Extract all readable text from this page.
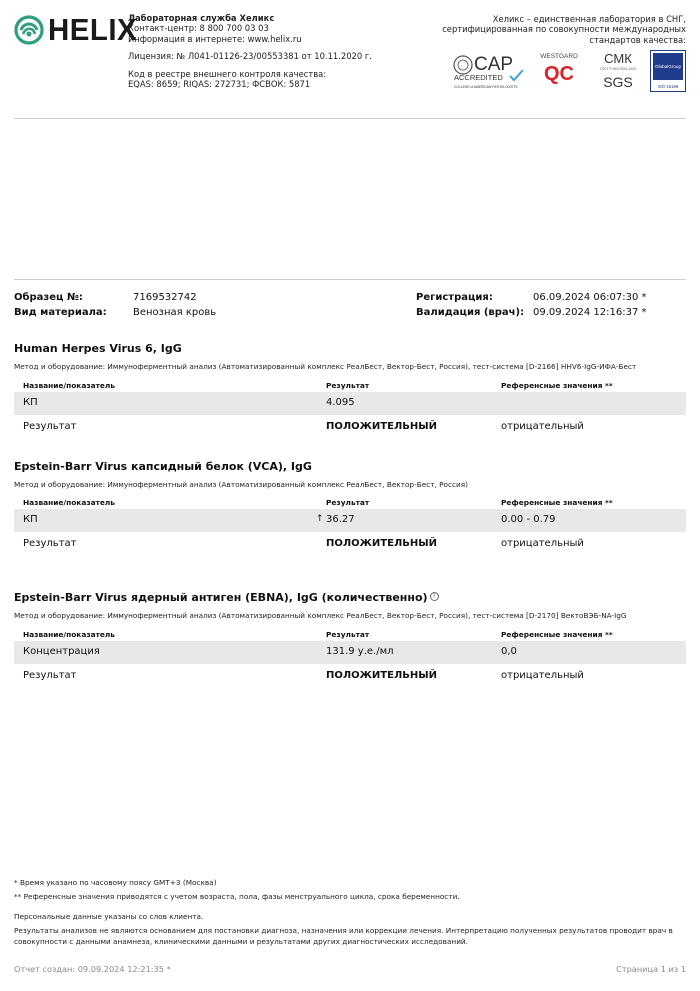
HELIX
Лабораторная служба Хеликс
Контакт-центр: 8 800 700 03 03
Информация в интернете: www.helix.ru
Лицензия: № Л041-01126-23/00553381 от 10.11.2020 г.
Код в реестре внешнего контроля качества:
EQAS: 8659; RIQAS: 272731; ФСВОК: 5871
Хеликс – единственная лаборатория в СНГ,
сертифицированная по совокупности международных
стандартов качества:
CAP
ACCREDITED
COLLEGE of AMERICAN PATHOLOGISTS
WESTGARD
QC
СМК
ГОСТ Р ИСО 9001-2015
SGS
GlobalGroup
ISO 15189
Образец №:	7169532742
Вид материала:	Венозная кровь
Регистрация:	06.09.2024 06:07:30 *
Валидация (врач): 09.09.2024 12:16:37 *
Human Herpes Virus 6, IgG
Метод и оборудование: Иммуноферментный анализ (Автоматизированный комплекс РеалБест, Вектор-Бест, Россия), тест-система [D-2166] HHV6-IgG-ИФА-Бест
Название/показатель	Результат	Референсные значения **
КП	4.095
Результат	ПОЛОЖИТЕЛЬНЫЙ	отрицательный
Epstein-Barr Virus капсидный белок (VCA), IgG
Метод и оборудование: Иммуноферментный анализ (Автоматизированный комплекс РеалБест, Вектор-Бест, Россия)
Название/показатель	Результат	Референсные значения **
КП	↑ 36.27	0.00 - 0.79
Результат	ПОЛОЖИТЕЛЬНЫЙ	отрицательный
Epstein-Barr Virus ядерный антиген (EBNA), IgG (количественно) ?
Метод и оборудование: Иммуноферментный анализ (Автоматизированный комплекс РеалБест, Вектор-Бест, Россия), тест-система [D-2170] ВектоВЭБ-NA-IgG
Название/показатель	Результат	Референсные значения **
Концентрация	131.9 у.е./мл	0,0
Результат	ПОЛОЖИТЕЛЬНЫЙ	отрицательный
* Время указано по часовому поясу GMT+3 (Москва)
** Референсные значения приводятся с учетом возраста, пола, фазы менструального цикла, срока беременности.
Персональные данные указаны со слов клиента.
Результаты анализов не являются основанием для постановки диагноза, назначения или коррекции лечения. Интерпретацию полученных результатов проводит врач в совокупности с данными анамнеза, клиническими данными и результатами других диагностических исследований.
Отчет создан: 09.09.2024 12:21:35 *	Страница 1 из 1
